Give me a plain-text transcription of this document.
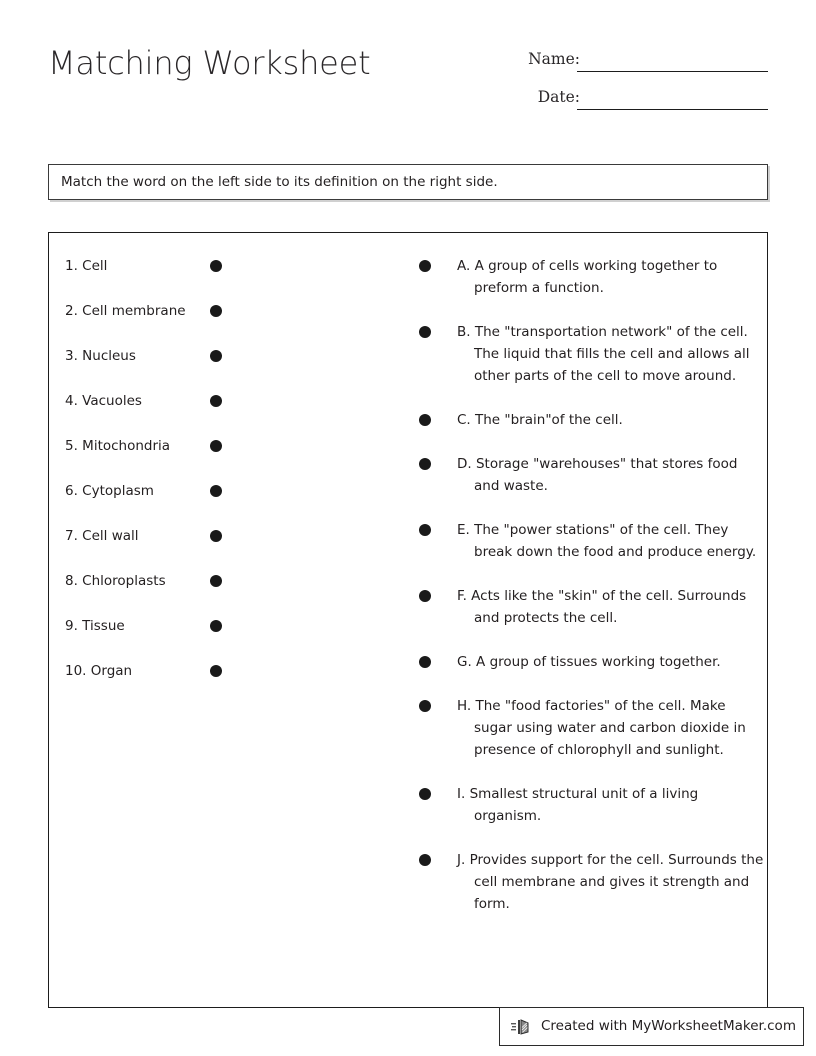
Matching Worksheet	Name:
Date:
Match the word on the left side to its definition on the right side.
1. Cell
2. Cell membrane
3. Nucleus
4. Vacuoles
5. Mitochondria
6. Cytoplasm
7. Cell wall
8. Chloroplasts
9. Tissue
10. Organ
A. A group of cells working together to preform a function.
B. The "transportation network" of the cell. The liquid that fills the cell and allows all other parts of the cell to move around.
C. The "brain"of the cell.
D. Storage "warehouses" that stores food and waste.
E. The "power stations" of the cell. They break down the food and produce energy.
F. Acts like the "skin" of the cell. Surrounds and protects the cell.
G. A group of tissues working together.
H. The "food factories" of the cell. Make sugar using water and carbon dioxide in presence of chlorophyll and sunlight.
I. Smallest structural unit of a living organism.
J. Provides support for the cell. Surrounds the cell membrane and gives it strength and form.
Created with MyWorksheetMaker.com
